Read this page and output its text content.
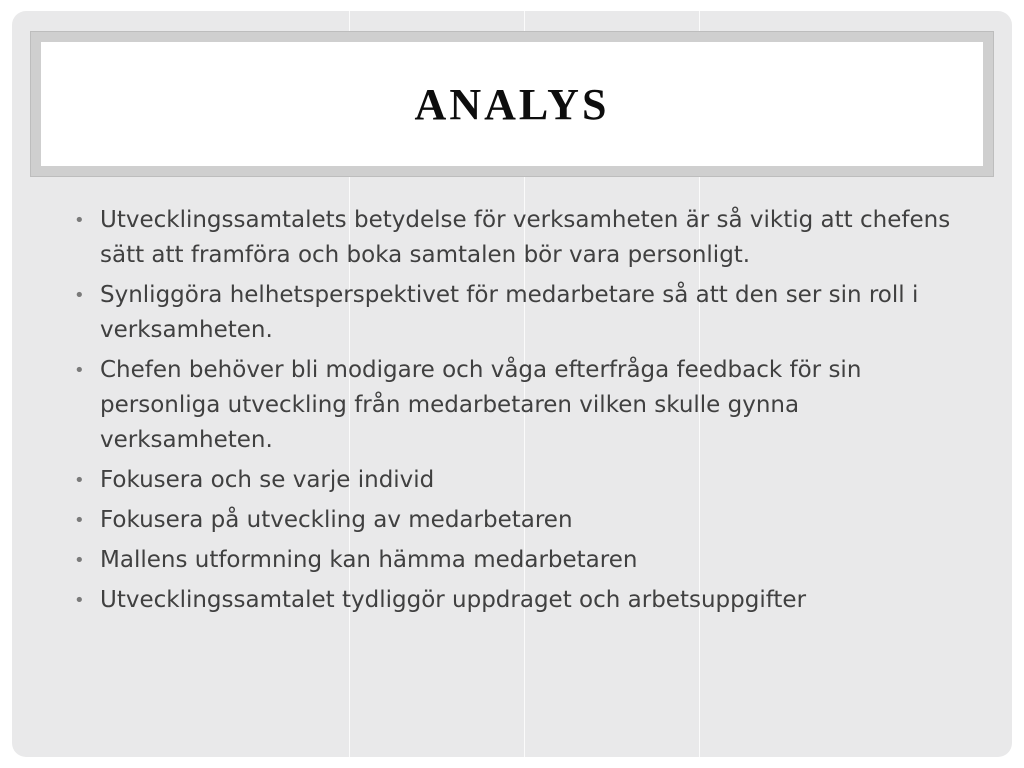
ANALYS
• Utvecklingssamtalets betydelse för verksamheten är så viktig att chefens sätt att framföra och boka samtalen bör vara personligt.
• Synliggöra helhetsperspektivet för medarbetare så att den ser sin roll i verksamheten.
• Chefen behöver bli modigare och våga efterfråga feedback för sin personliga utveckling från medarbetaren vilken skulle gynna verksamheten.
• Fokusera och se varje individ
• Fokusera på utveckling av medarbetaren
• Mallens utformning kan hämma medarbetaren
• Utvecklingssamtalet tydliggör uppdraget och arbetsuppgifter
